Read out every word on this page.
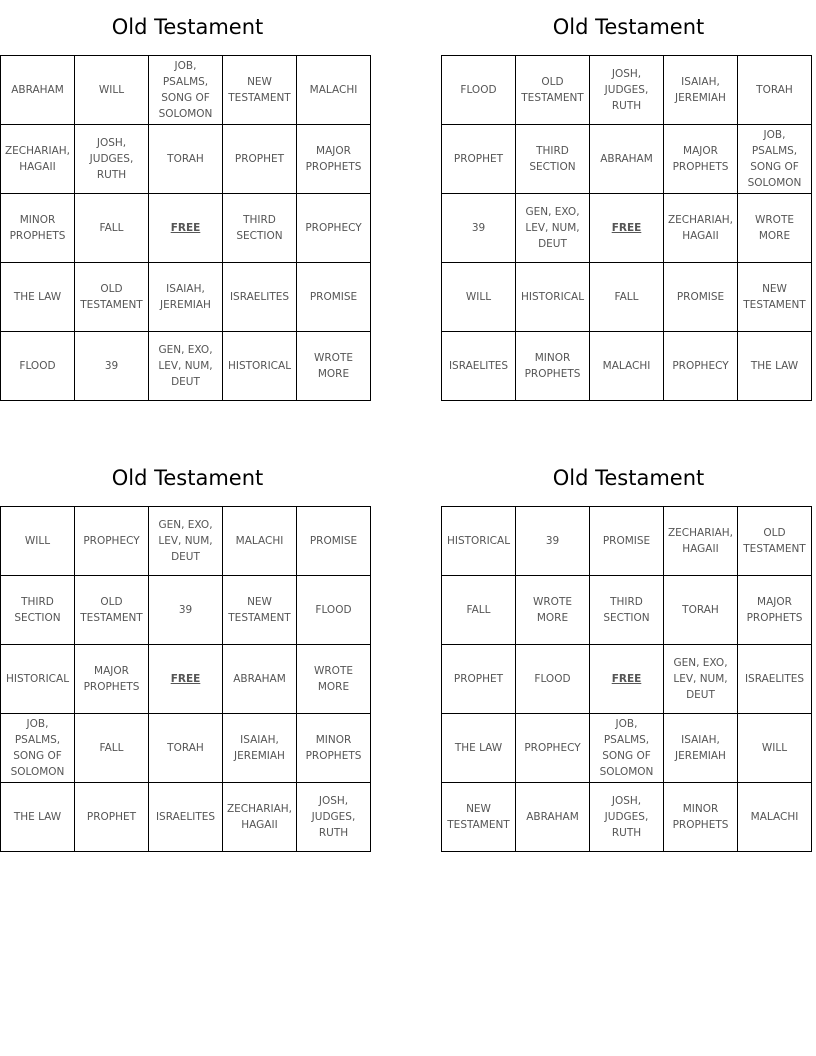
Old Testament
ABRAHAM	WILL	JOB, PSALMS, SONG OF SOLOMON	NEW TESTAMENT	MALACHI
ZECHARIAH, HAGAII	JOSH, JUDGES, RUTH	TORAH	PROPHET	MAJOR PROPHETS
MINOR PROPHETS	FALL	FREE	THIRD SECTION	PROPHECY
THE LAW	OLD TESTAMENT	ISAIAH, JEREMIAH	ISRAELITES	PROMISE
FLOOD	39	GEN, EXO, LEV, NUM, DEUT	HISTORICAL	WROTE MORE
Old Testament
FLOOD	OLD TESTAMENT	JOSH, JUDGES, RUTH	ISAIAH, JEREMIAH	TORAH
PROPHET	THIRD SECTION	ABRAHAM	MAJOR PROPHETS	JOB, PSALMS, SONG OF SOLOMON
39	GEN, EXO, LEV, NUM, DEUT	FREE	ZECHARIAH, HAGAII	WROTE MORE
WILL	HISTORICAL	FALL	PROMISE	NEW TESTAMENT
ISRAELITES	MINOR PROPHETS	MALACHI	PROPHECY	THE LAW
Old Testament
WILL	PROPHECY	GEN, EXO, LEV, NUM, DEUT	MALACHI	PROMISE
THIRD SECTION	OLD TESTAMENT	39	NEW TESTAMENT	FLOOD
HISTORICAL	MAJOR PROPHETS	FREE	ABRAHAM	WROTE MORE
JOB, PSALMS, SONG OF SOLOMON	FALL	TORAH	ISAIAH, JEREMIAH	MINOR PROPHETS
THE LAW	PROPHET	ISRAELITES	ZECHARIAH, HAGAII	JOSH, JUDGES, RUTH
Old Testament
HISTORICAL	39	PROMISE	ZECHARIAH, HAGAII	OLD TESTAMENT
FALL	WROTE MORE	THIRD SECTION	TORAH	MAJOR PROPHETS
PROPHET	FLOOD	FREE	GEN, EXO, LEV, NUM, DEUT	ISRAELITES
THE LAW	PROPHECY	JOB, PSALMS, SONG OF SOLOMON	ISAIAH, JEREMIAH	WILL
NEW TESTAMENT	ABRAHAM	JOSH, JUDGES, RUTH	MINOR PROPHETS	MALACHI
